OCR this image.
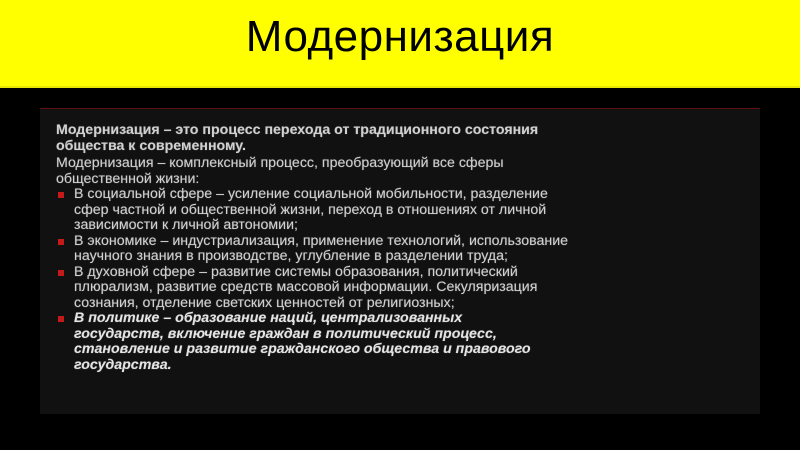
Модернизация

Модернизация – это процесс перехода от традиционного состояния

общества к современному.

Модернизация – комплексный процесс, преобразующий все сферы

общественной жизни:

В социальной сфере – усиление социальной мобильности, разделение

сфер частной и общественной жизни, переход в отношениях от личной

зависимости к личной автономии;

В экономике – индустриализация, применение технологий, использование

научного знания в производстве, углубление в разделении труда;

В духовной сфере – развитие системы образования, политический

плюрализм, развитие средств массовой информации. Секуляризация

сознания, отделение светских ценностей от религиозных;

В политике – образование наций, централизованных

государств, включение граждан в политический процесс,

становление и развитие гражданского общества и правового

государства.
